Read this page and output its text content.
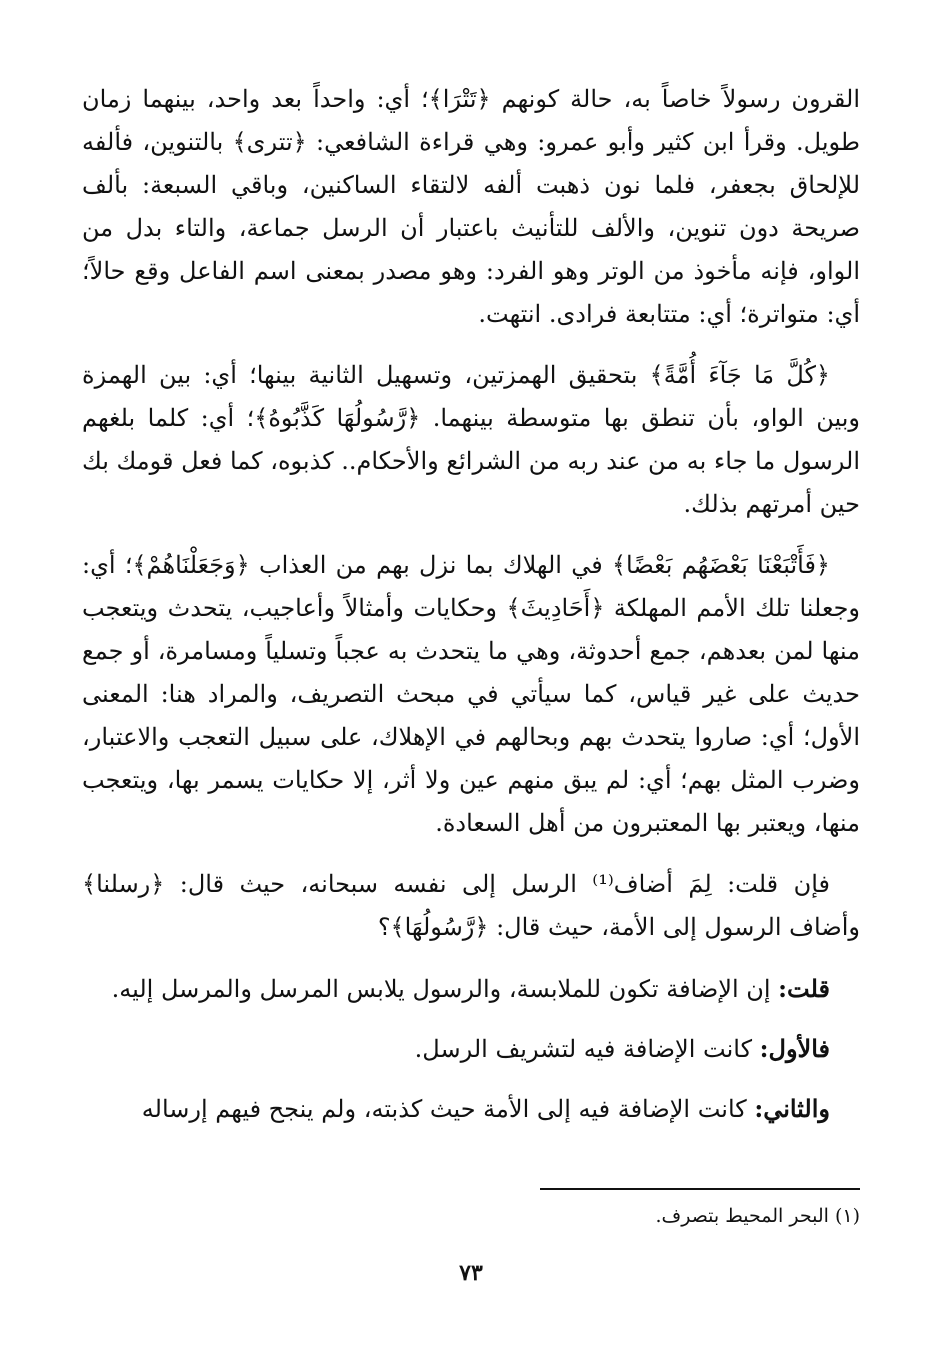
القرون رسولاً خاصاً به، حالة كونهم ﴿تَتْرَا﴾؛ أي: واحداً بعد واحد، بينهما زمان طويل. وقرأ ابن كثير وأبو عمرو: وهي قراءة الشافعي: ﴿تترى﴾ بالتنوين، فألفه للإلحاق بجعفر، فلما نون ذهبت ألفه لالتقاء الساكنين، وباقي السبعة: بألف صريحة دون تنوين، والألف للتأنيث باعتبار أن الرسل جماعة، والتاء بدل من الواو، فإنه مأخوذ من الوتر وهو الفرد: وهو مصدر بمعنى اسم الفاعل وقع حالاً؛ أي: متواترة؛ أي: متتابعة فرادى. انتهت.

﴿كُلَّ مَا جَآءَ أُمَّةً﴾ بتحقيق الهمزتين، وتسهيل الثانية بينها؛ أي: بين الهمزة وبين الواو، بأن تنطق بها متوسطة بينهما. ﴿رَّسُولُهَا كَذَّبُوهُ﴾؛ أي: كلما بلغهم الرسول ما جاء به من عند ربه من الشرائع والأحكام.. كذبوه، كما فعل قومك بك حين أمرتهم بذلك.

﴿فَأَتْبَعْنَا بَعْضَهُم بَعْضًا﴾ في الهلاك بما نزل بهم من العذاب ﴿وَجَعَلْنَاهُمْ﴾؛ أي: وجعلنا تلك الأمم المهلكة ﴿أَحَادِيثَ﴾ وحكايات وأمثالاً وأعاجيب، يتحدث ويتعجب منها لمن بعدهم، جمع أحدوثة، وهي ما يتحدث به عجباً وتسلياً ومسامرة، أو جمع حديث على غير قياس، كما سيأتي في مبحث التصريف، والمراد هنا: المعنى الأول؛ أي: صاروا يتحدث بهم وبحالهم في الإهلاك، على سبيل التعجب والاعتبار، وضرب المثل بهم؛ أي: لم يبق منهم عين ولا أثر، إلا حكايات يسمر بها، ويتعجب منها، ويعتبر بها المعتبرون من أهل السعادة.

فإن قلت: لِمَ أضاف⁽¹⁾ الرسل إلى نفسه سبحانه، حيث قال: ﴿رسلنا﴾ وأضاف الرسول إلى الأمة، حيث قال: ﴿رَّسُولُهَا﴾؟

قلت: إن الإضافة تكون للملابسة، والرسول يلابس المرسل والمرسل إليه.

فالأول: كانت الإضافة فيه لتشريف الرسل.

والثاني: كانت الإضافة فيه إلى الأمة حيث كذبته، ولم ينجح فيهم إرساله

(١) البحر المحيط بتصرف.
٧٣
